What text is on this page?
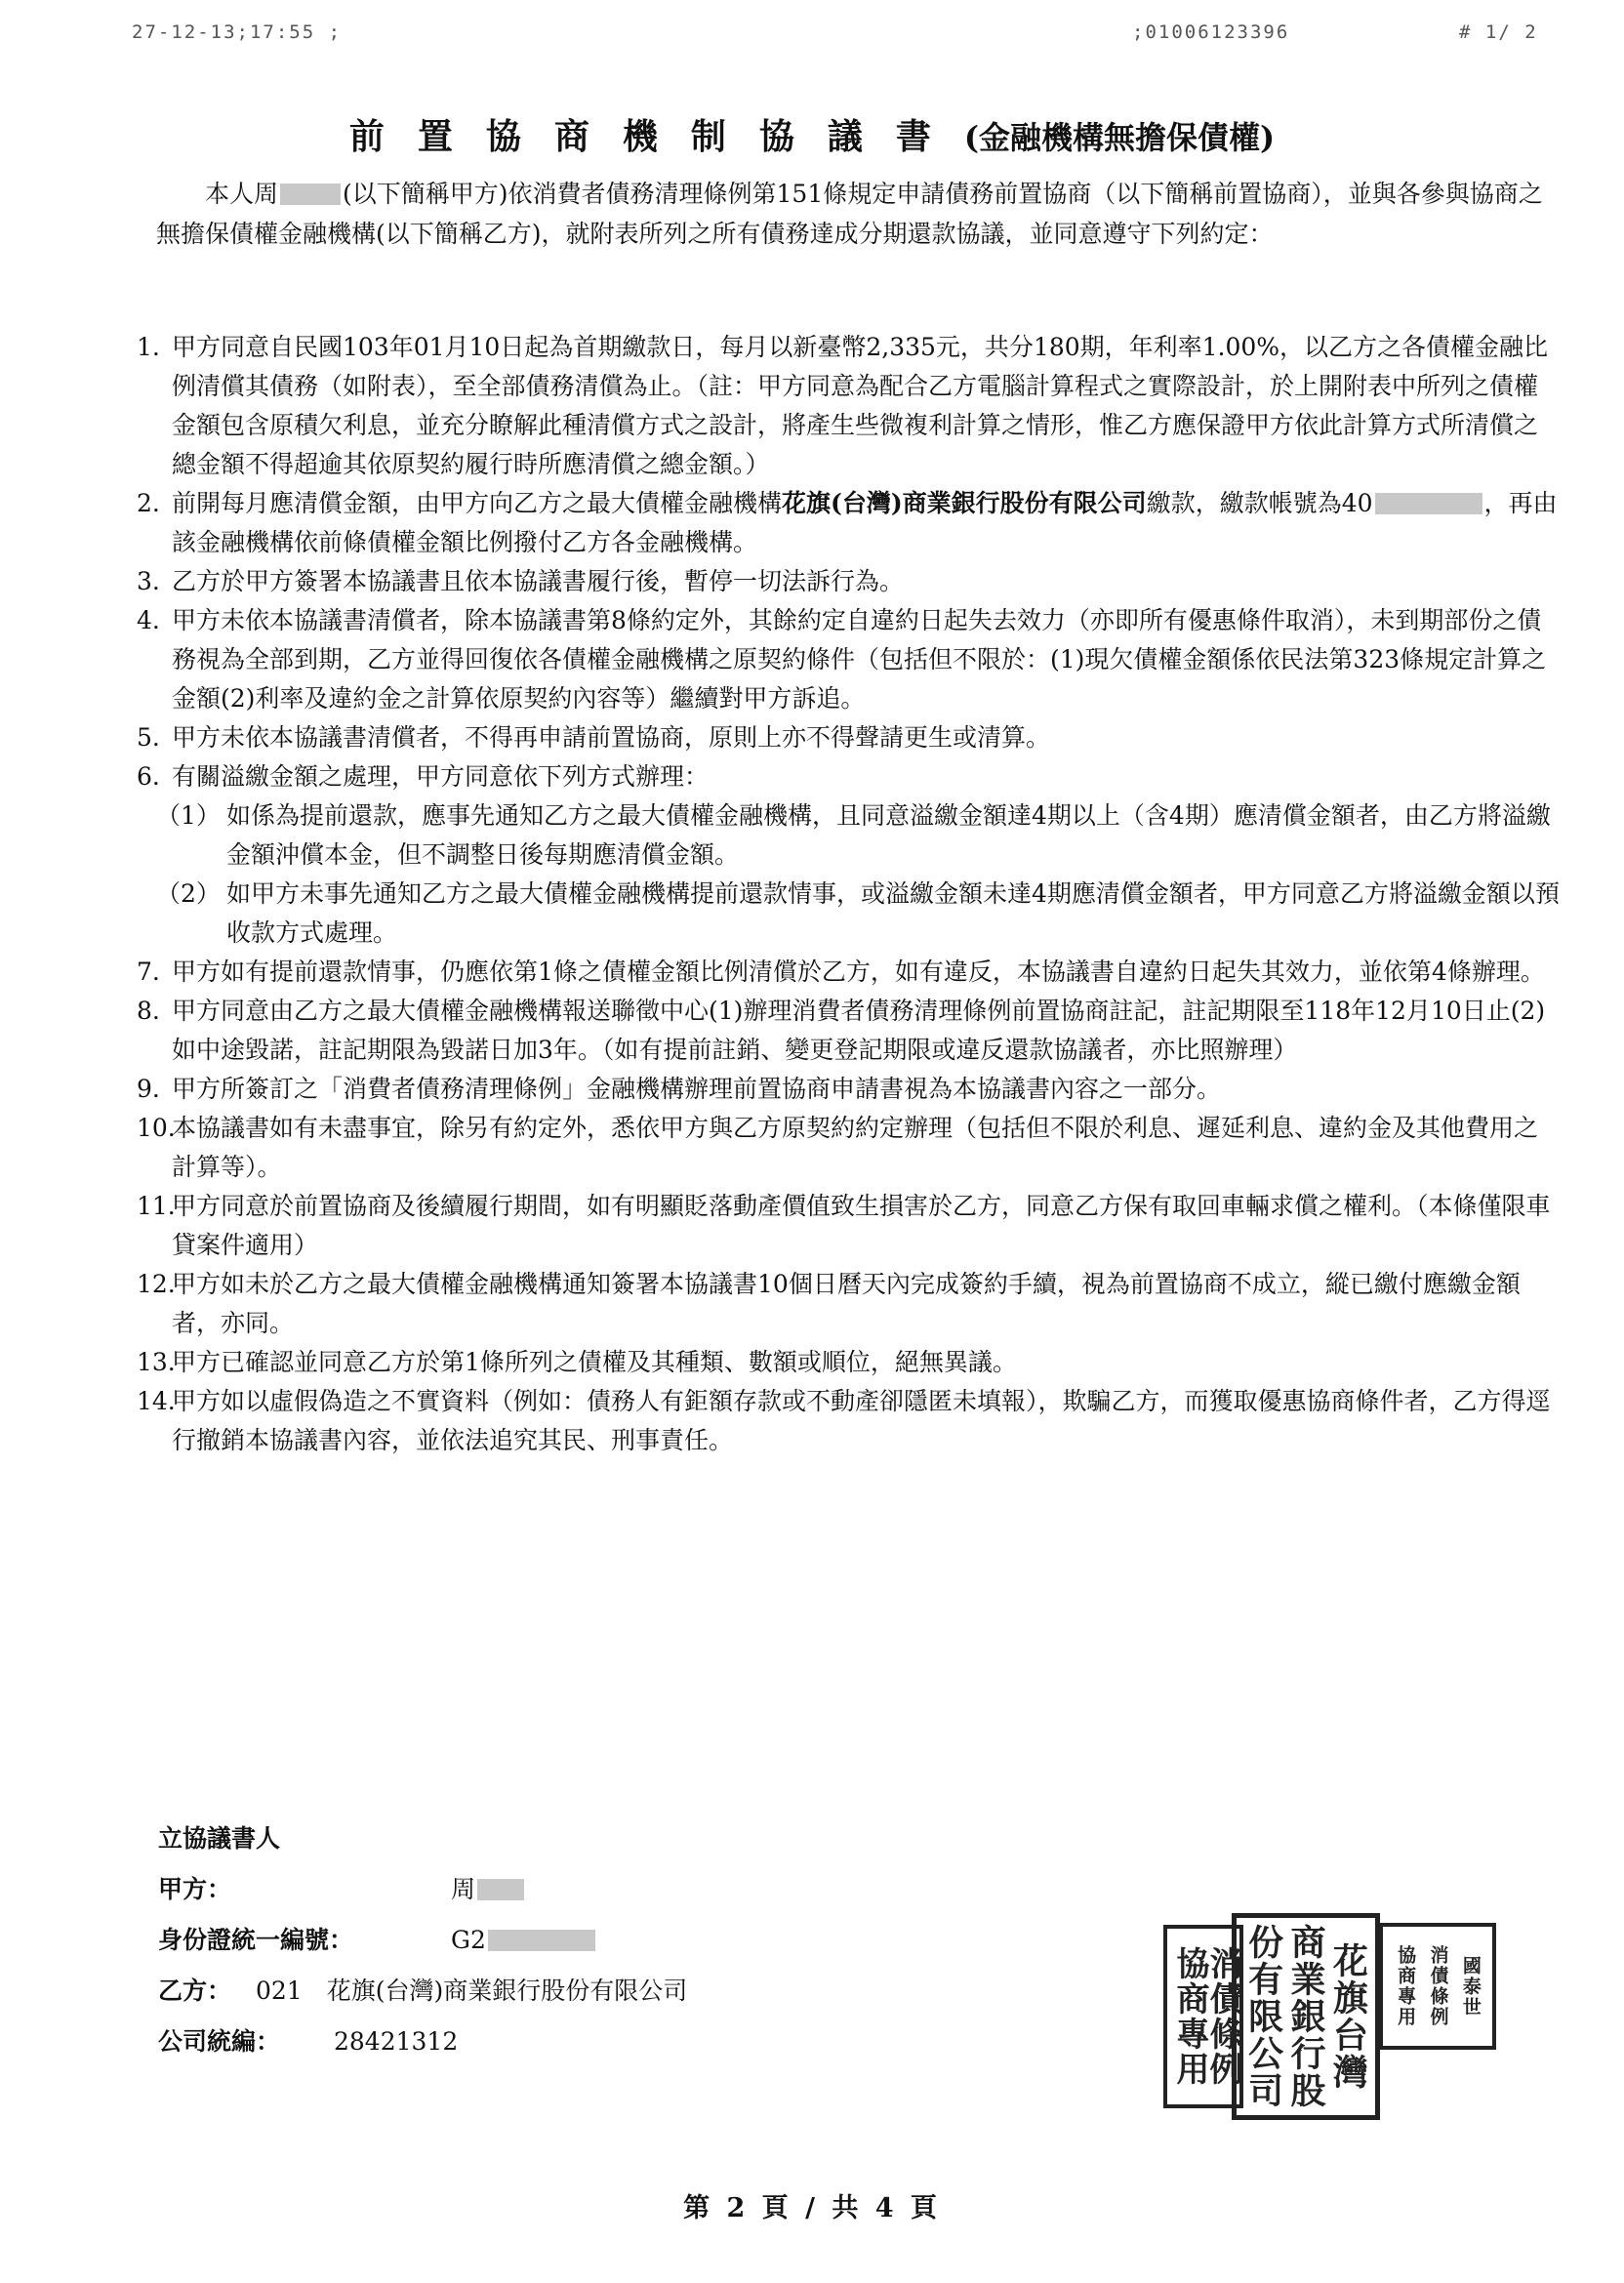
27-12-13;17:55 ;	;01006123396	# 1/ 2
前置協商機制協議書(金融機構無擔保債權)
本人周	(以下簡稱甲方)依消費者債務清理條例第151條規定申請債務前置協商（以下簡稱前置協商），並與各參與協商之無擔保債權金融機構(以下簡稱乙方)，就附表所列之所有債務達成分期還款協議，並同意遵守下列約定：
1. 甲方同意自民國103年01月10日起為首期繳款日，每月以新臺幣2,335元，共分180期，年利率1.00%，以乙方之各債權金融比例清償其債務（如附表），至全部債務清償為止。（註：甲方同意為配合乙方電腦計算程式之實際設計，於上開附表中所列之債權金額包含原積欠利息，並充分瞭解此種清償方式之設計，將產生些微複利計算之情形，惟乙方應保證甲方依此計算方式所清償之總金額不得超逾其依原契約履行時所應清償之總金額。）
2. 前開每月應清償金額，由甲方向乙方之最大債權金融機構花旗(台灣)商業銀行股份有限公司繳款，繳款帳號為40	，再由該金融機構依前條債權金額比例撥付乙方各金融機構。
3. 乙方於甲方簽署本協議書且依本協議書履行後，暫停一切法訴行為。
4. 甲方未依本協議書清償者，除本協議書第8條約定外，其餘約定自違約日起失去效力（亦即所有優惠條件取消），未到期部份之債務視為全部到期，乙方並得回復依各債權金融機構之原契約條件（包括但不限於：(1)現欠債權金額係依民法第323條規定計算之金額(2)利率及違約金之計算依原契約內容等）繼續對甲方訴追。
5. 甲方未依本協議書清償者，不得再申請前置協商，原則上亦不得聲請更生或清算。
6. 有關溢繳金額之處理，甲方同意依下列方式辦理：
（1） 如係為提前還款，應事先通知乙方之最大債權金融機構，且同意溢繳金額達4期以上（含4期）應清償金額者，由乙方將溢繳金額沖償本金，但不調整日後每期應清償金額。
（2） 如甲方未事先通知乙方之最大債權金融機構提前還款情事，或溢繳金額未達4期應清償金額者，甲方同意乙方將溢繳金額以預收款方式處理。
7. 甲方如有提前還款情事，仍應依第1條之債權金額比例清償於乙方，如有違反，本協議書自違約日起失其效力，並依第4條辦理。
8. 甲方同意由乙方之最大債權金融機構報送聯徵中心(1)辦理消費者債務清理條例前置協商註記，註記期限至118年12月10日止(2)如中途毀諾，註記期限為毀諾日加3年。（如有提前註銷、變更登記期限或違反還款協議者，亦比照辦理）
9. 甲方所簽訂之「消費者債務清理條例」金融機構辦理前置協商申請書視為本協議書內容之一部分。
10.
本協議書如有未盡事宜，除另有約定外，悉依甲方與乙方原契約約定辦理（包括但不限於利息、遲延利息、違約金及其他費用之計算等）。
11.
甲方同意於前置協商及後續履行期間，如有明顯貶落動產價值致生損害於乙方，同意乙方保有取回車輛求償之權利。（本條僅限車貸案件適用）
12.
甲方如未於乙方之最大債權金融機構通知簽署本協議書10個日曆天內完成簽約手續，視為前置協商不成立，縱已繳付應繳金額者，亦同。
13.
甲方已確認並同意乙方於第1條所列之債權及其種類、數額或順位，絕無異議。
14.
甲方如以虛假偽造之不實資料（例如：債務人有鉅額存款或不動產卻隱匿未填報），欺騙乙方，而獲取優惠協商條件者，乙方得逕行撤銷本協議書內容，並依法追究其民、刑事責任。
立協議書人
甲方：	周
身份證統一編號：	G2
乙方： 021　花旗(台灣)商業銀行股份有限公司
公司統編：	28421312	花旗台灣
商業銀行股
份有限公司
消債條例
協商專用	國泰世
消債條例
協商專用
第 2 頁 / 共 4 頁
